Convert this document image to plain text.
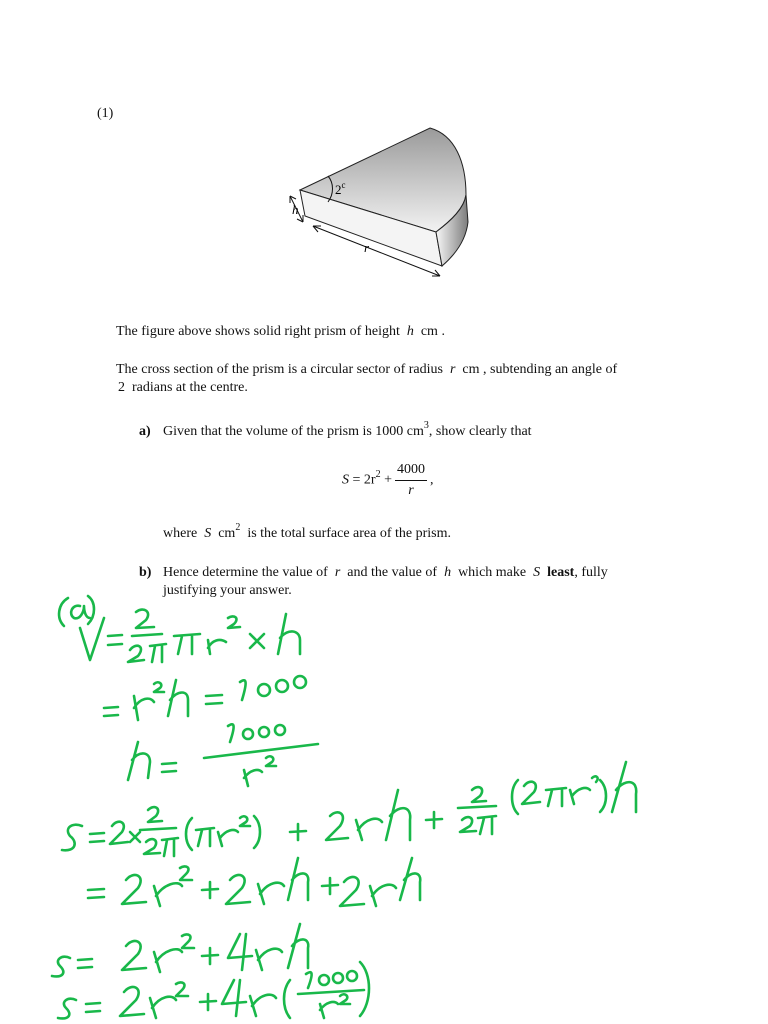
(1)
2$^c$
h
r
The figure above shows solid right prism of height h cm .
The cross section of the prism is a circular sector of radius r cm , subtending an angle of
2  radians at the centre.
a) Given that the volume of the prism is 1000 $cm^3$, show clearly that
$S = 2r^2 + \frac{4000}{r}$ ,
where S $cm^2$ is the total surface area of the prism.
b) Hence determine the value of r and the value of h which make S least, fully
justifying your answer.
